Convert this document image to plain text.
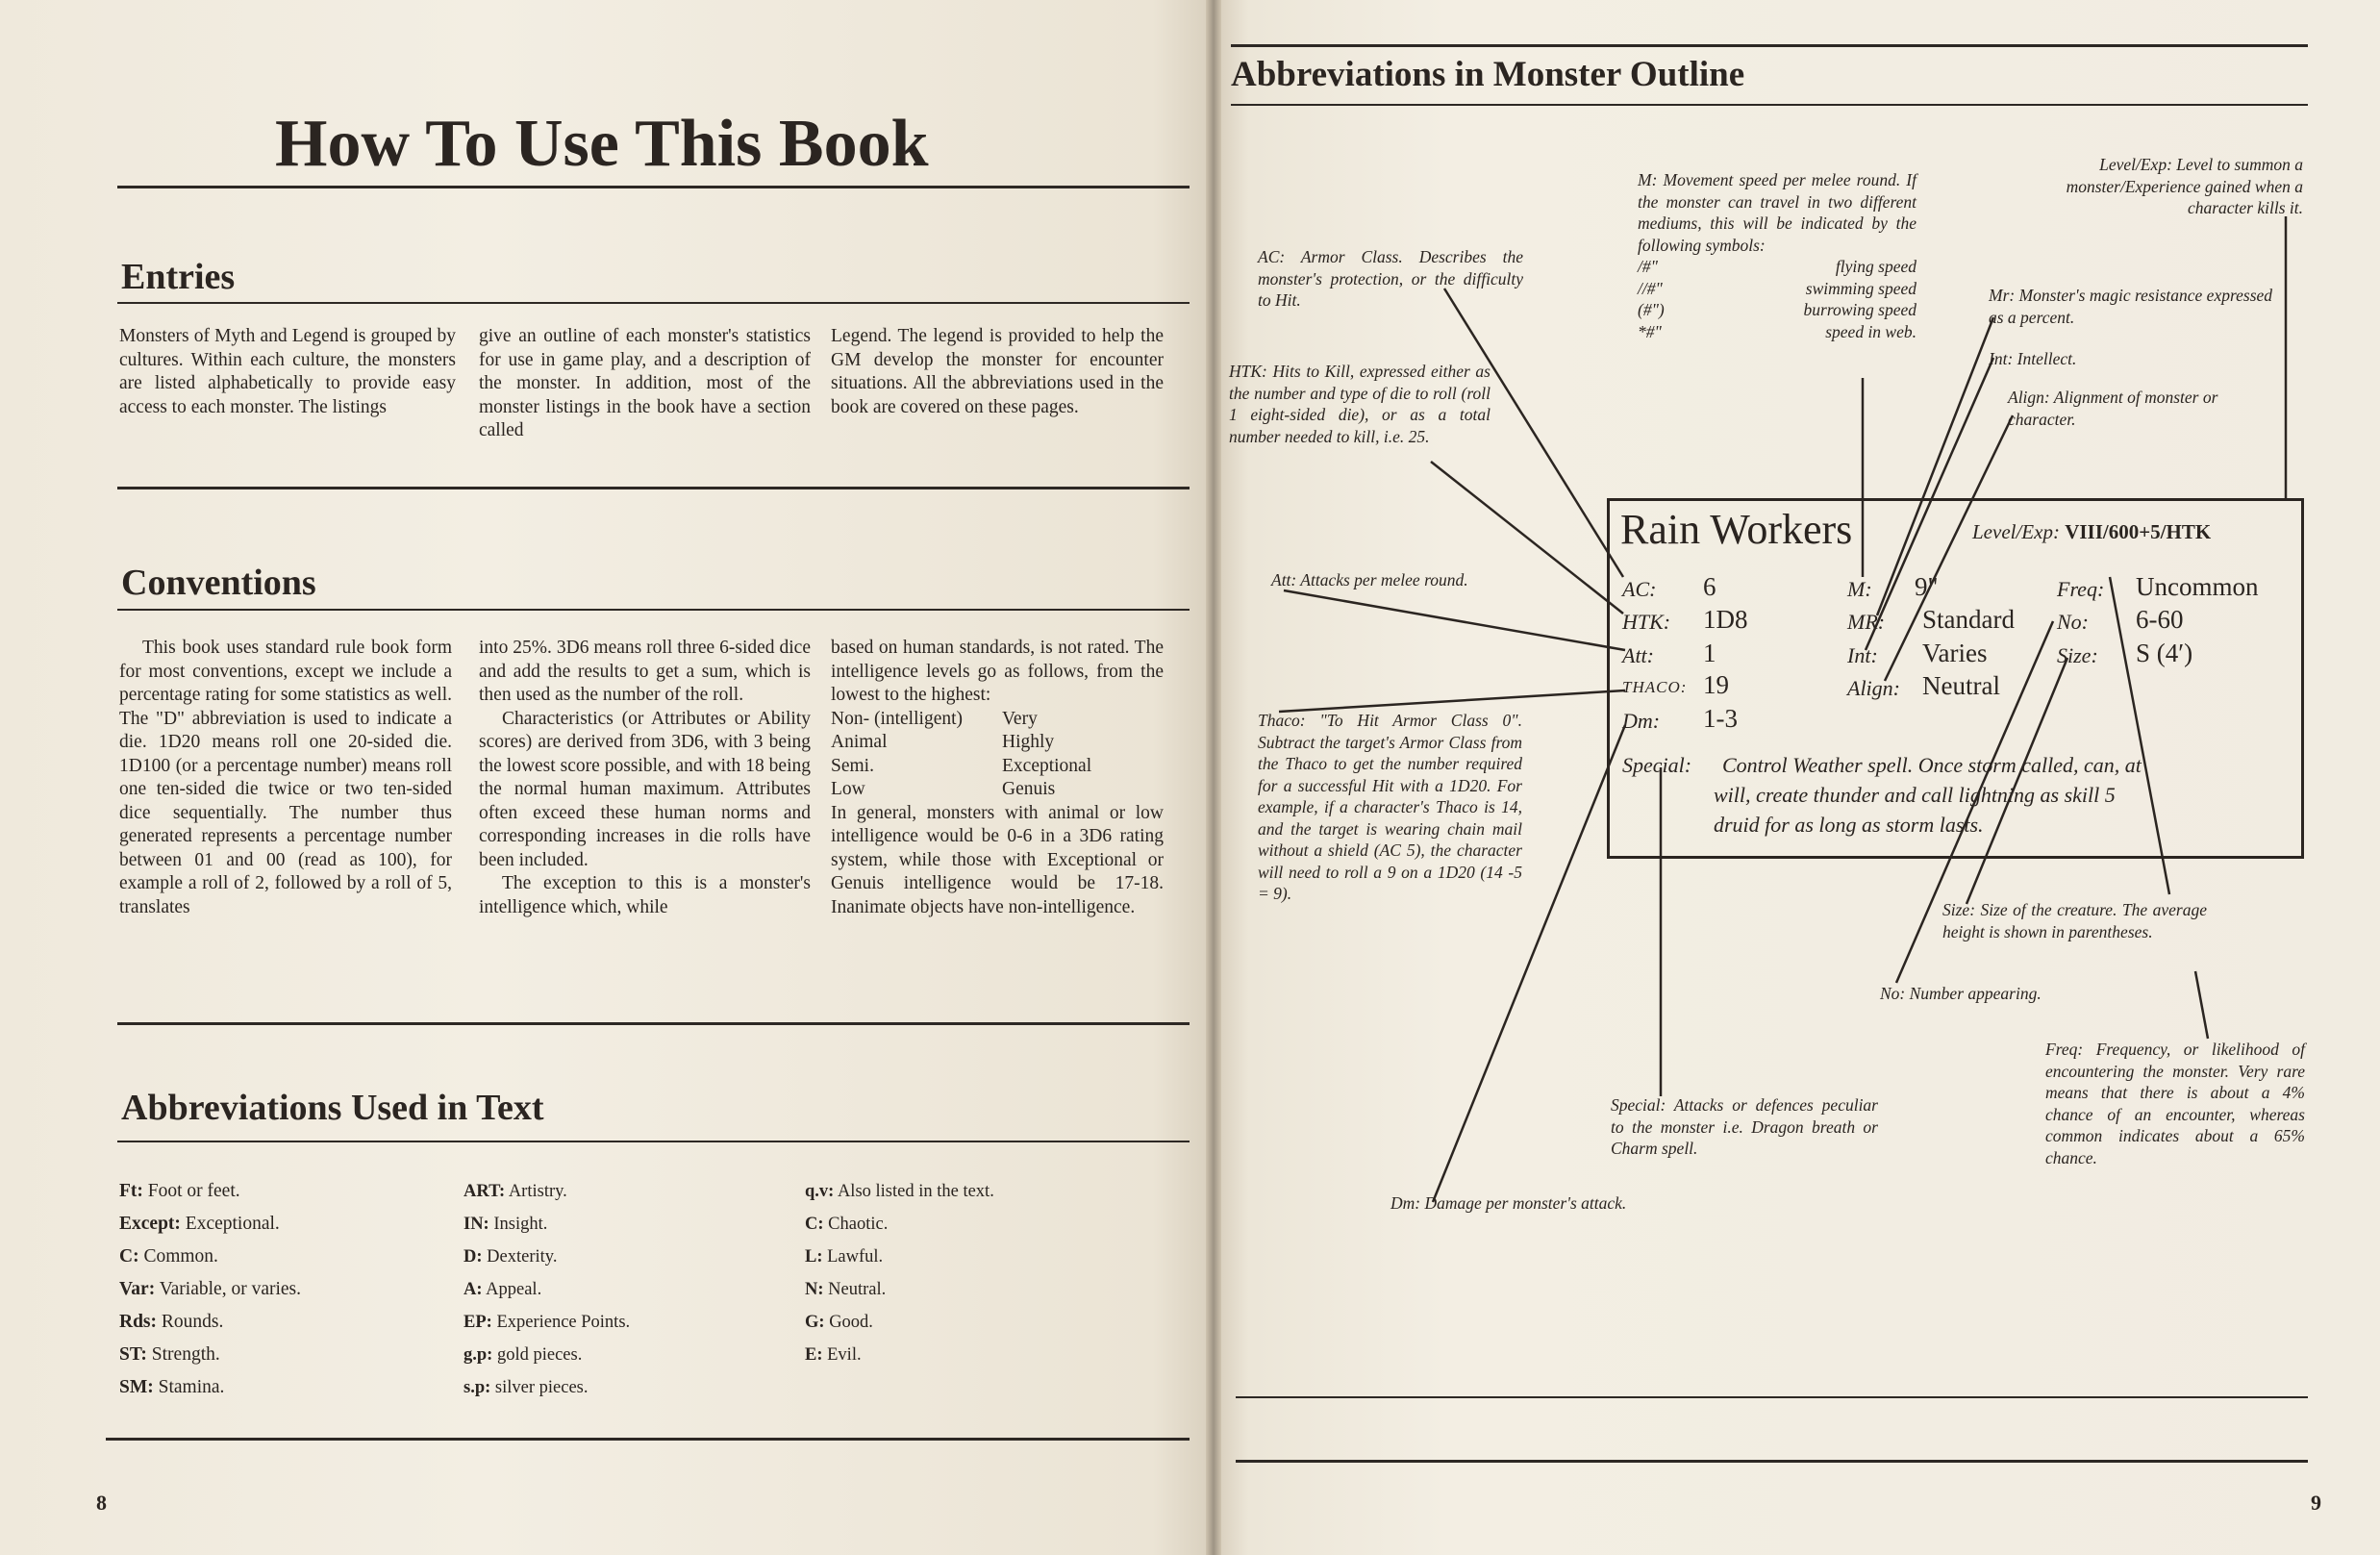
How To Use This Book
Entries
Monsters of Myth and Legend is grouped by cultures. Within each culture, the monsters are listed alphabetically to provide easy access to each monster. The listings
give an outline of each monster's statistics for use in game play, and a description of the monster. In addition, most of the monster listings in the book have a section called
Legend. The legend is provided to help the GM develop the monster for encounter situations. All the abbreviations used in the book are covered on these pages.
Conventions

This book uses standard rule book form for most conventions, except we include a percentage rating for some statistics as well. The "D" abbreviation is used to indicate a die. 1D20 means roll one 20-sided die. 1D100 (or a percentage number) means roll one ten-sided die twice or two ten-sided dice sequentially. The number thus generated represents a percentage number between 01 and 00 (read as 100), for example a roll of 2, followed by a roll of 5, translates

into 25%. 3D6 means roll three 6-sided dice and add the results to get a sum, which is then used as the number of the roll.

Characteristics (or Attributes or Ability scores) are derived from 3D6, with 3 being the lowest score possible, and with 18 being the normal human maximum. Attributes often exceed these human norms and corresponding increases in die rolls have been included.

The exception to this is a monster's intelligence which, while

based on human standards, is not rated. The intelligence levels go as follows, from the lowest to the highest:

Non- (intelligent)	Very
Animal	Highly
Semi.	Exceptional
Low	Genuis

In general, monsters with animal or low intelligence would be 0-6 in a 3D6 rating system, while those with Exceptional or Genuis intelligence would be 17-18. Inanimate objects have non-intelligence.

Abbreviations Used in Text
Ft: Foot or feet.
Except: Exceptional.
C: Common.
Var: Variable, or varies.
Rds: Rounds.
ST: Strength.
SM: Stamina.
ART: Artistry.
IN: Insight.
D: Dexterity.
A: Appeal.
EP: Experience Points.
g.p: gold pieces.
s.p: silver pieces.
q.v: Also listed in the text.
C: Chaotic.
L: Lawful.
N: Neutral.
G: Good.
E: Evil.
8
Abbreviations in Monster Outline
M: Movement speed per melee round. If the monster can travel in two different mediums, this will be indicated by the following symbols:
/#"	flying speed
//#"	swimming speed
(#")	burrowing speed
*#"	speed in web.
Level/Exp: Level to summon a monster/Experience gained when a character kills it.
AC: Armor Class. Describes the monster's protection, or the difficulty to Hit.
HTK: Hits to Kill, expressed either as the number and type of die to roll (roll 1 eight-sided die), or as a total number needed to kill, i.e. 25.
Mr: Monster's magic resistance expressed as a percent.
Int: Intellect.
Align: Alignment of monster or character.
Att: Attacks per melee round.
Thaco: "To Hit Armor Class 0". Subtract the target's Armor Class from the Thaco to get the number required for a successful Hit with a 1D20. For example, if a character's Thaco is 14, and the target is wearing chain mail without a shield (AC 5), the character will need to roll a 9 on a 1D20 (14 -5 = 9).
Size: Size of the creature. The average height is shown in parentheses.
No: Number appearing.
Freq: Frequency, or likelihood of encountering the monster. Very rare means that there is about a 4% chance of an encounter, whereas common indicates about a 65% chance.
Special: Attacks or defences peculiar to the monster i.e. Dragon breath or Charm spell.
Dm: Damage per monster's attack.
Rain Workers	Level/Exp: VIII/600+5/HTK
AC: 6
HTK: 1D8
Att: 1
THACO: 19
Dm: 1-3
M: 9"
MR: Standard
Int: Varies
Align: Neutral
Freq: Uncommon
No: 6-60
Size: S (4′)
Special: Control Weather spell. Once storm called, can, at
will, create thunder and call lightning as skill 5
druid for as long as storm lasts.
9
